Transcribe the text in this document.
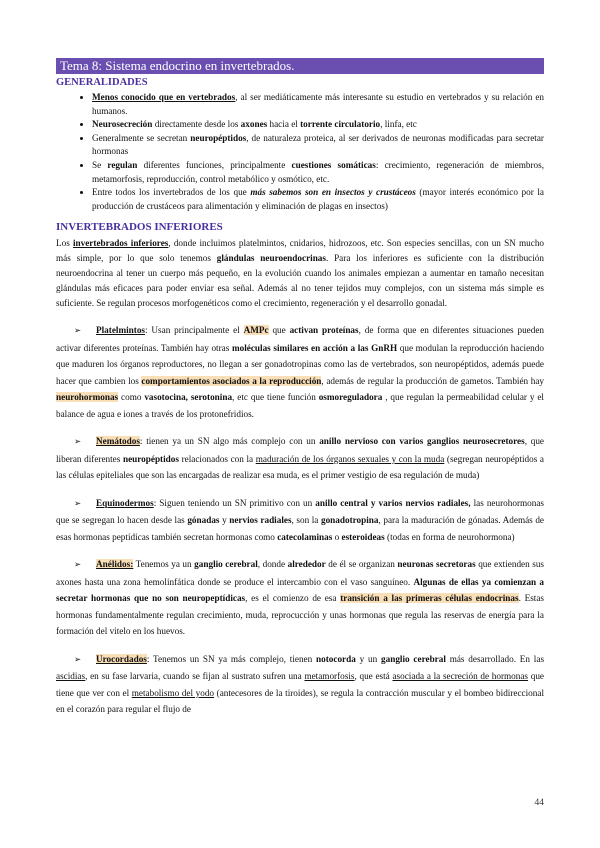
Tema 8: Sistema endocrino en invertebrados.
GENERALIDADES
• Menos conocido que en vertebrados, al ser mediáticamente más interesante su estudio en vertebrados y su relación en humanos.
• Neurosecreción directamente desde los axones hacia el torrente circulatorio, linfa, etc
• Generalmente se secretan neuropéptidos, de naturaleza proteica, al ser derivados de neuronas modificadas para secretar hormonas
• Se regulan diferentes funciones, principalmente cuestiones somáticas: crecimiento, regeneración de miembros, metamorfosis, reproducción, control metabólico y osmótico, etc.
• Entre todos los invertebrados de los que más sabemos son en insectos y crustáceos (mayor interés económico por la producción de crustáceos para alimentación y eliminación de plagas en insectos)
INVERTEBRADOS INFERIORES

Los invertebrados inferiores, donde incluimos platelmintos, cnidarios, hidrozoos, etc. Son especies sencillas, con un SN mucho más simple, por lo que solo tenemos glándulas neuroendocrinas. Para los inferiores es suficiente con la distribución neuroendocrina al tener un cuerpo más pequeño, en la evolución cuando los animales empiezan a aumentar en tamaño necesitan glándulas más eficaces para poder enviar esa señal. Además al no tener tejidos muy complejos, con un sistema más simple es suficiente. Se regulan procesos morfogenéticos como el crecimiento, regeneración y el desarrollo gonadal.

➢ Platelmintos: Usan principalmente el AMPc que activan proteínas, de forma que en diferentes situaciones pueden activar diferentes proteínas. También hay otras moléculas similares en acción a las GnRH que modulan la reproducción haciendo que maduren los órganos reproductores, no llegan a ser gonadotropinas como las de vertebrados, son neuropéptidos, además puede hacer que cambien los comportamientos asociados a la reproducción, además de regular la producción de gametos. También hay neurohormonas como vasotocina, serotonina, etc que tiene función osmoreguladora , que regulan la permeabilidad celular y el balance de agua e iones a través de los protonefridios.

➢ Nemátodos: tienen ya un SN algo más complejo con un anillo nervioso con varios ganglios neurosecretores, que liberan diferentes neuropéptidos relacionados con la maduración de los órganos sexuales y con la muda (segregan neuropéptidos a las células epiteliales que son las encargadas de realizar esa muda, es el primer vestigio de esa regulación de muda)

➢ Equinodermos: Siguen teniendo un SN primitivo con un anillo central y varios nervios radiales, las neurohormonas que se segregan lo hacen desde las gónadas y nervios radiales, son la gonadotropina, para la maduración de gónadas. Además de esas hormonas peptídicas también secretan hormonas como catecolaminas o esteroideas (todas en forma de neurohormona)

➢ Anélidos: Tenemos ya un ganglio cerebral, donde alrededor de él se organizan neuronas secretoras que extienden sus axones hasta una zona hemolinfática donde se produce el intercambio con el vaso sanguíneo. Algunas de ellas ya comienzan a secretar hormonas que no son neuropeptídicas, es el comienzo de esa transición a las primeras células endocrinas. Estas hormonas fundamentalmente regulan crecimiento, muda, reprocucción y unas hormonas que regula las reservas de energía para la formación del vitelo en los huevos.

➢ Urocordados: Tenemos un SN ya más complejo, tienen notocorda y un ganglio cerebral más desarrollado. En las ascidias, en su fase larvaria, cuando se fijan al sustrato sufren una metamorfosis, que está asociada a la secreción de hormonas que tiene que ver con el metabolismo del yodo (antecesores de la tiroides), se regula la contracción muscular y el bombeo bidireccional en el corazón para regular el flujo de

44
